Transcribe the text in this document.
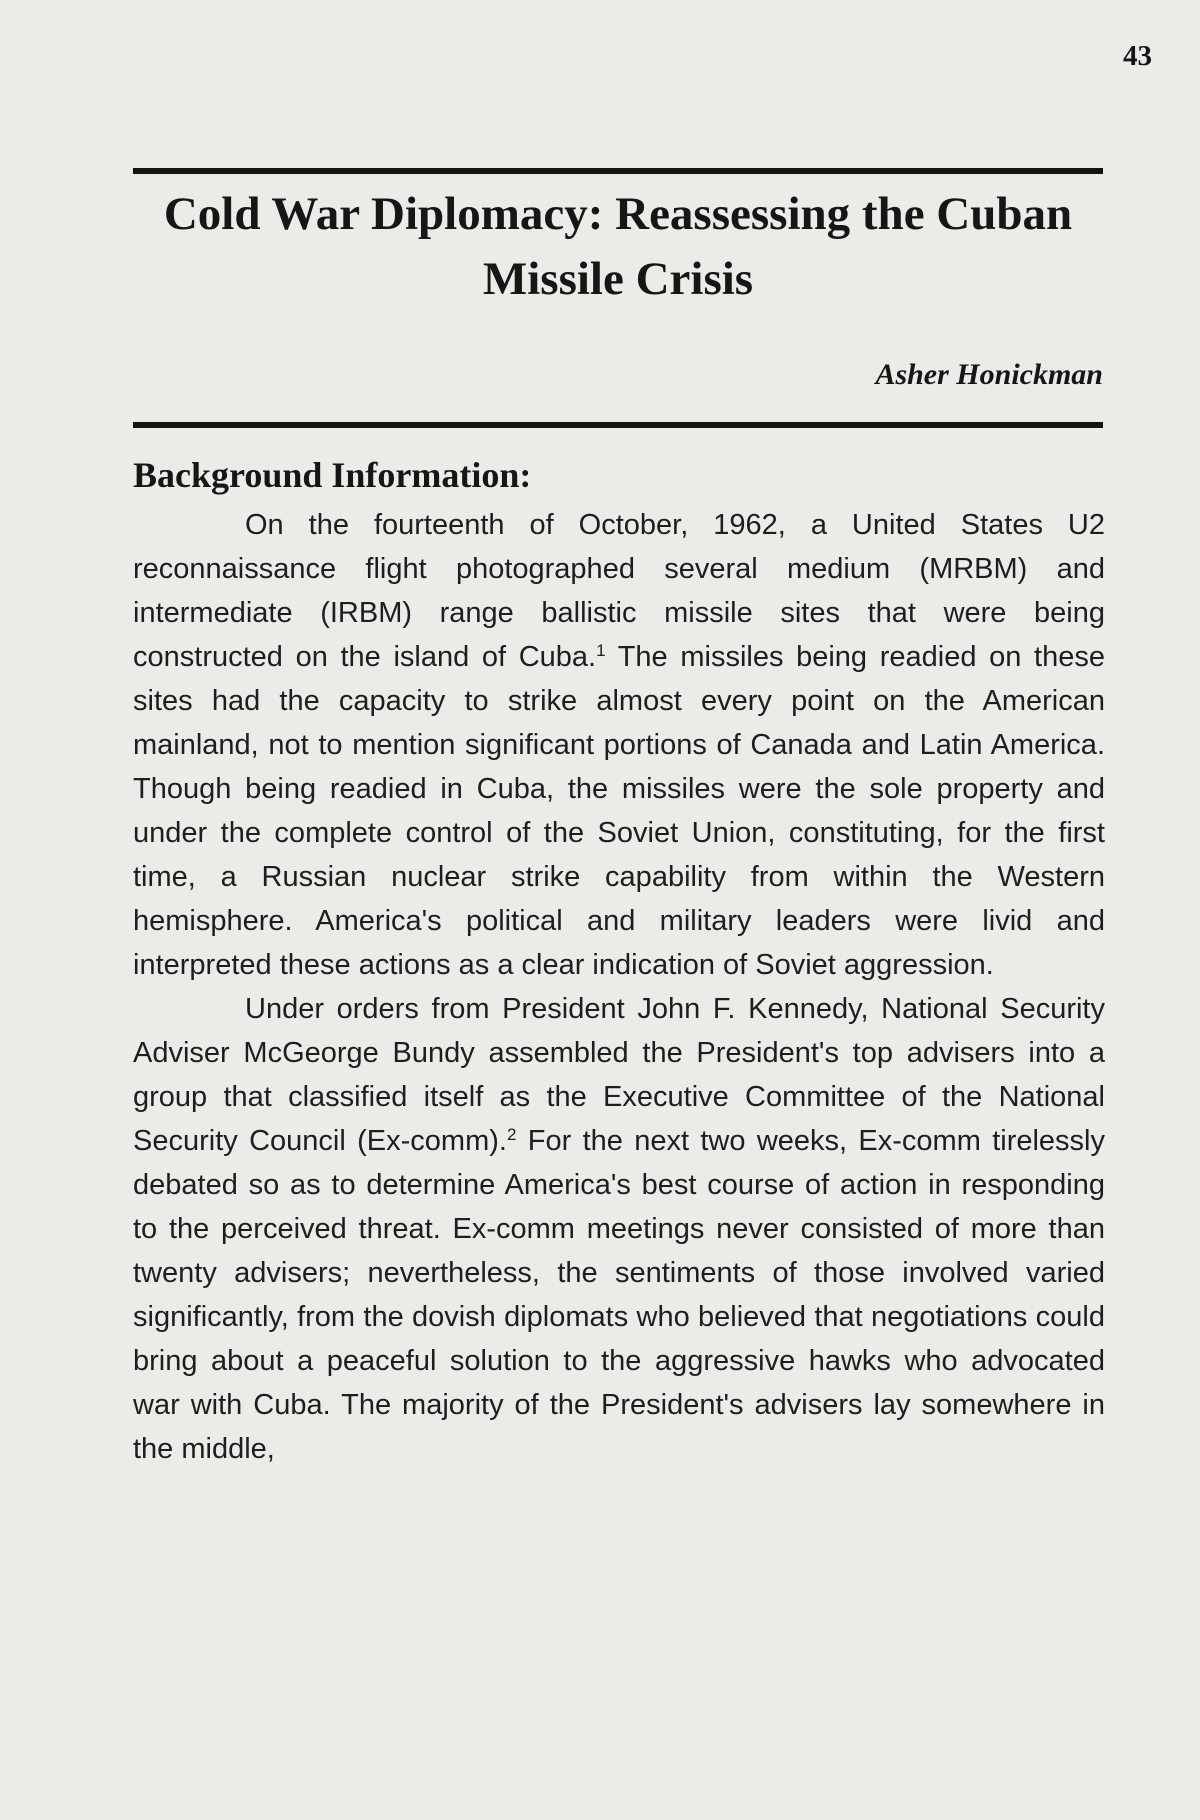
43
Cold War Diplomacy: Reassessing the Cuban Missile Crisis
Asher Honickman
Background Information:

On the fourteenth of October, 1962, a United States U2 reconnaissance flight photographed several medium (MRBM) and intermediate (IRBM) range ballistic missile sites that were being constructed on the island of Cuba.$^1$ The missiles being readied on these sites had the capacity to strike almost every point on the American mainland, not to mention significant portions of Canada and Latin America. Though being readied in Cuba, the missiles were the sole property and under the complete control of the Soviet Union, constituting, for the first time, a Russian nuclear strike capability from within the Western hemisphere. America's political and military leaders were livid and interpreted these actions as a clear indication of Soviet aggression.

Under orders from President John F. Kennedy, National Security Adviser McGeorge Bundy assembled the President's top advisers into a group that classified itself as the Executive Committee of the National Security Council (Ex-comm).$^2$ For the next two weeks, Ex-comm tirelessly debated so as to determine America's best course of action in responding to the perceived threat. Ex-comm meetings never consisted of more than twenty advisers; nevertheless, the sentiments of those involved varied significantly, from the dovish diplomats who believed that negotiations could bring about a peaceful solution to the aggressive hawks who advocated war with Cuba. The majority of the President's advisers lay somewhere in the middle,
